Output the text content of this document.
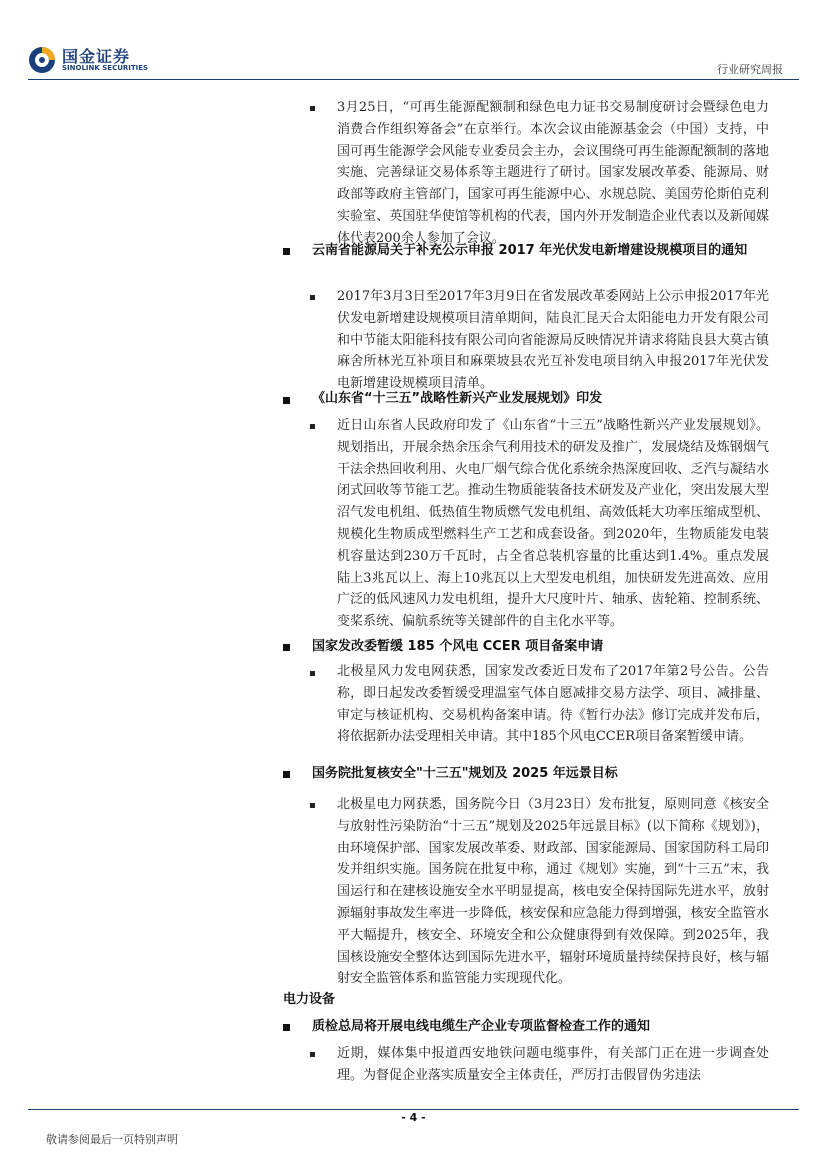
国金证券
SINOLINK SECURITIES	行业研究周报
3月25日，“可再生能源配额制和绿色电力证书交易制度研讨会暨绿色电力消费合作组织筹备会”在京举行。本次会议由能源基金会（中国）支持，中国可再生能源学会风能专业委员会主办，会议围绕可再生能源配额制的落地实施、完善绿证交易体系等主题进行了研讨。国家发展改革委、能源局、财政部等政府主管部门，国家可再生能源中心、水规总院、美国劳伦斯伯克利实验室、英国驻华使馆等机构的代表，国内外开发制造企业代表以及新闻媒体代表200余人参加了会议。
云南省能源局关于补充公示申报 2017 年光伏发电新增建设规模项目的通知
2017年3月3日至2017年3月9日在省发展改革委网站上公示申报2017年光伏发电新增建设规模项目清单期间，陆良汇昆天合太阳能电力开发有限公司和中节能太阳能科技有限公司向省能源局反映情况并请求将陆良县大莫古镇麻舍所林光互补项目和麻栗坡县农光互补发电项目纳入申报2017年光伏发电新增建设规模项目清单。
《山东省“十三五”战略性新兴产业发展规划》印发
近日山东省人民政府印发了《山东省“十三五”战略性新兴产业发展规划》。规划指出，开展余热余压余气利用技术的研发及推广，发展烧结及炼钢烟气干法余热回收利用、火电厂烟气综合优化系统余热深度回收、乏汽与凝结水闭式回收等节能工艺。推动生物质能装备技术研发及产业化，突出发展大型沼气发电机组、低热值生物质燃气发电机组、高效低耗大功率压缩成型机、规模化生物质成型燃料生产工艺和成套设备。到2020年，生物质能发电装机容量达到230万千瓦时，占全省总装机容量的比重达到1.4%。重点发展陆上3兆瓦以上、海上10兆瓦以上大型发电机组，加快研发先进高效、应用广泛的低风速风力发电机组，提升大尺度叶片、轴承、齿轮箱、控制系统、变桨系统、偏航系统等关键部件的自主化水平等。
国家发改委暂缓 185 个风电 CCER 项目备案申请
北极星风力发电网获悉，国家发改委近日发布了2017年第2号公告。公告称，即日起发改委暂缓受理温室气体自愿减排交易方法学、项目、减排量、审定与核证机构、交易机构备案申请。待《暂行办法》修订完成并发布后，将依据新办法受理相关申请。其中185个风电CCER项目备案暂缓申请。
国务院批复核安全"十三五"规划及 2025 年远景目标
北极星电力网获悉，国务院今日（3月23日）发布批复，原则同意《核安全与放射性污染防治“十三五”规划及2025年远景目标》(以下简称《规划》)，由环境保护部、国家发展改革委、财政部、国家能源局、国家国防科工局印发并组织实施。国务院在批复中称，通过《规划》实施，到“十三五”末，我国运行和在建核设施安全水平明显提高，核电安全保持国际先进水平，放射源辐射事故发生率进一步降低，核安保和应急能力得到增强，核安全监管水平大幅提升，核安全、环境安全和公众健康得到有效保障。到2025年，我国核设施安全整体达到国际先进水平，辐射环境质量持续保持良好，核与辐射安全监管体系和监管能力实现现代化。
电力设备
质检总局将开展电线电缆生产企业专项监督检查工作的通知
近期，媒体集中报道西安地铁问题电缆事件，有关部门正在进一步调查处理。为督促企业落实质量安全主体责任，严厉打击假冒伪劣违法
- 4 -
敬请参阅最后一页特别声明
